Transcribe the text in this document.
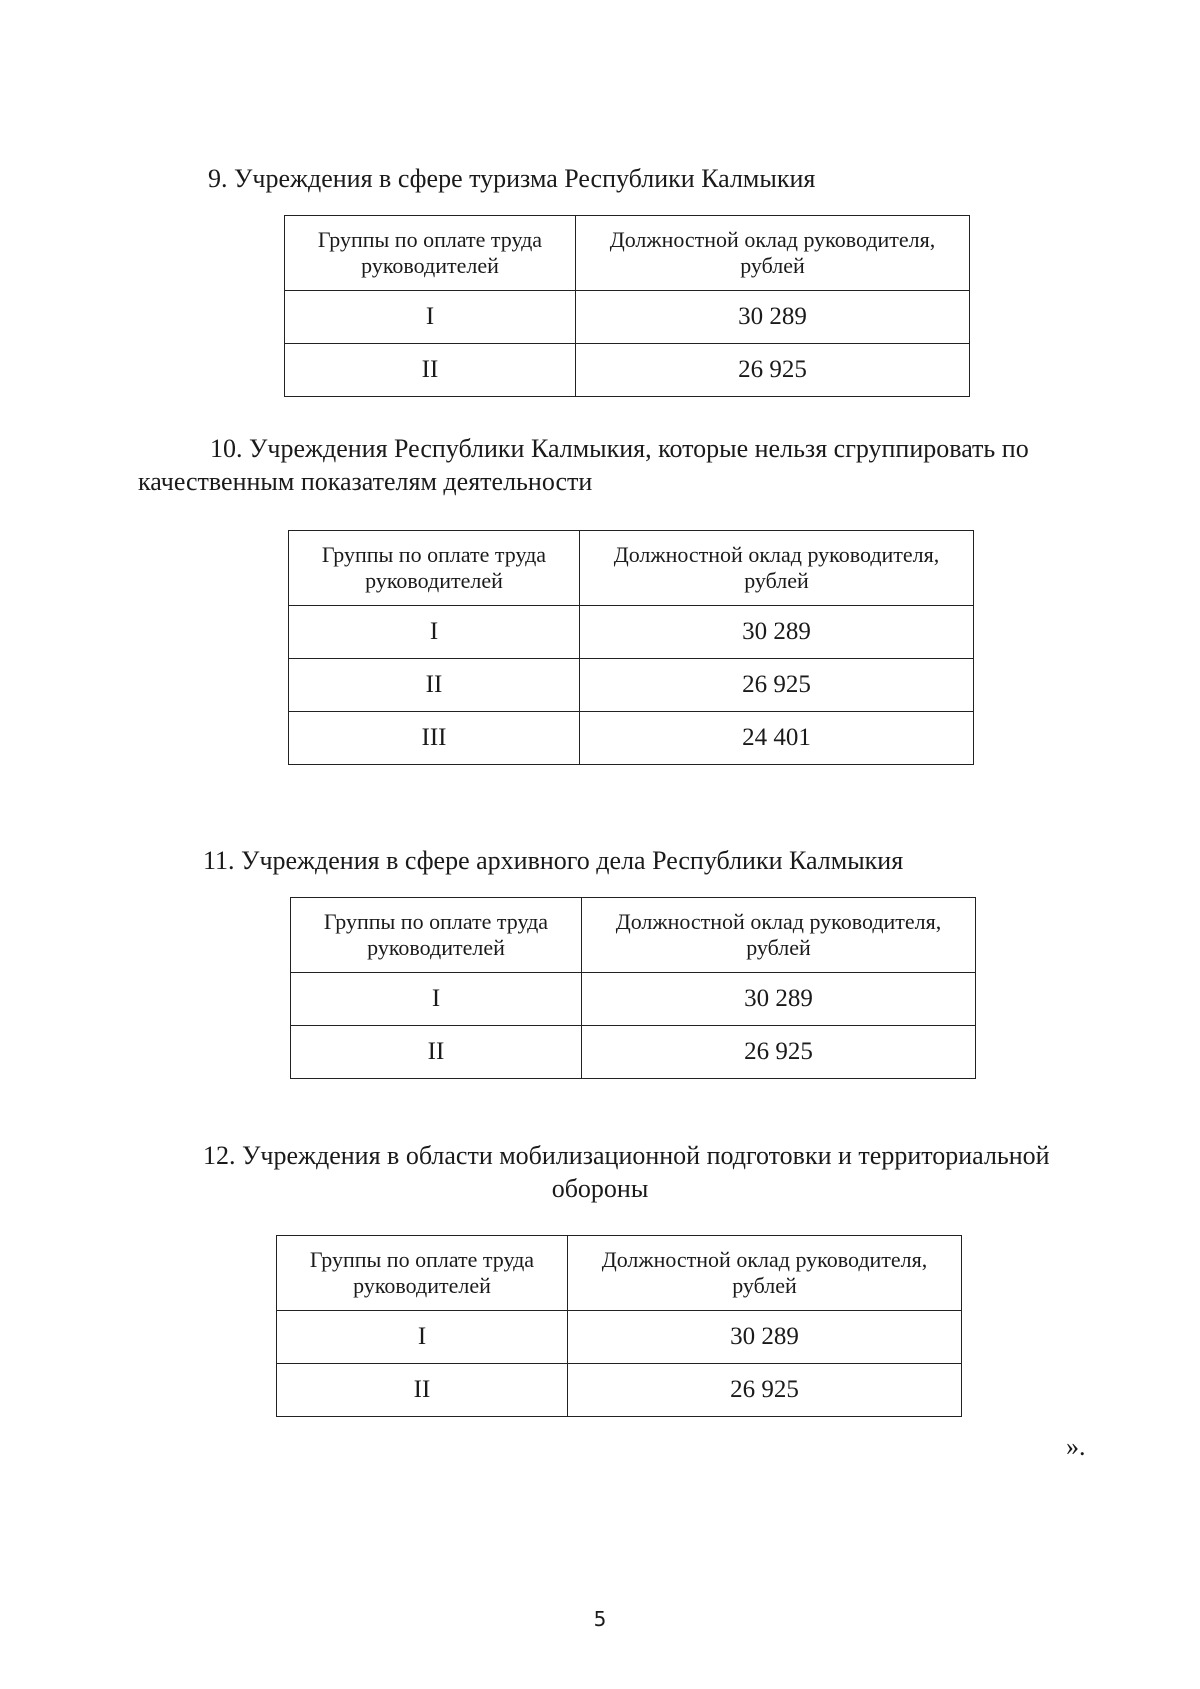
9. Учреждения в сфере туризма Республики Калмыкия
Группы по оплате труда руководителей	Должностной оклад руководителя, рублей
I	30 289
II	26 925
10. Учреждения Республики Калмыкия, которые нельзя сгруппировать по
качественным показателям деятельности
Группы по оплате труда руководителей	Должностной оклад руководителя, рублей
I	30 289
II	26 925
III	24 401
11. Учреждения в сфере архивного дела Республики Калмыкия
Группы по оплате труда руководителей	Должностной оклад руководителя, рублей
I	30 289
II	26 925
12. Учреждения в области мобилизационной подготовки и территориальной
обороны
Группы по оплате труда руководителей	Должностной оклад руководителя, рублей
I	30 289
II	26 925
».
5
